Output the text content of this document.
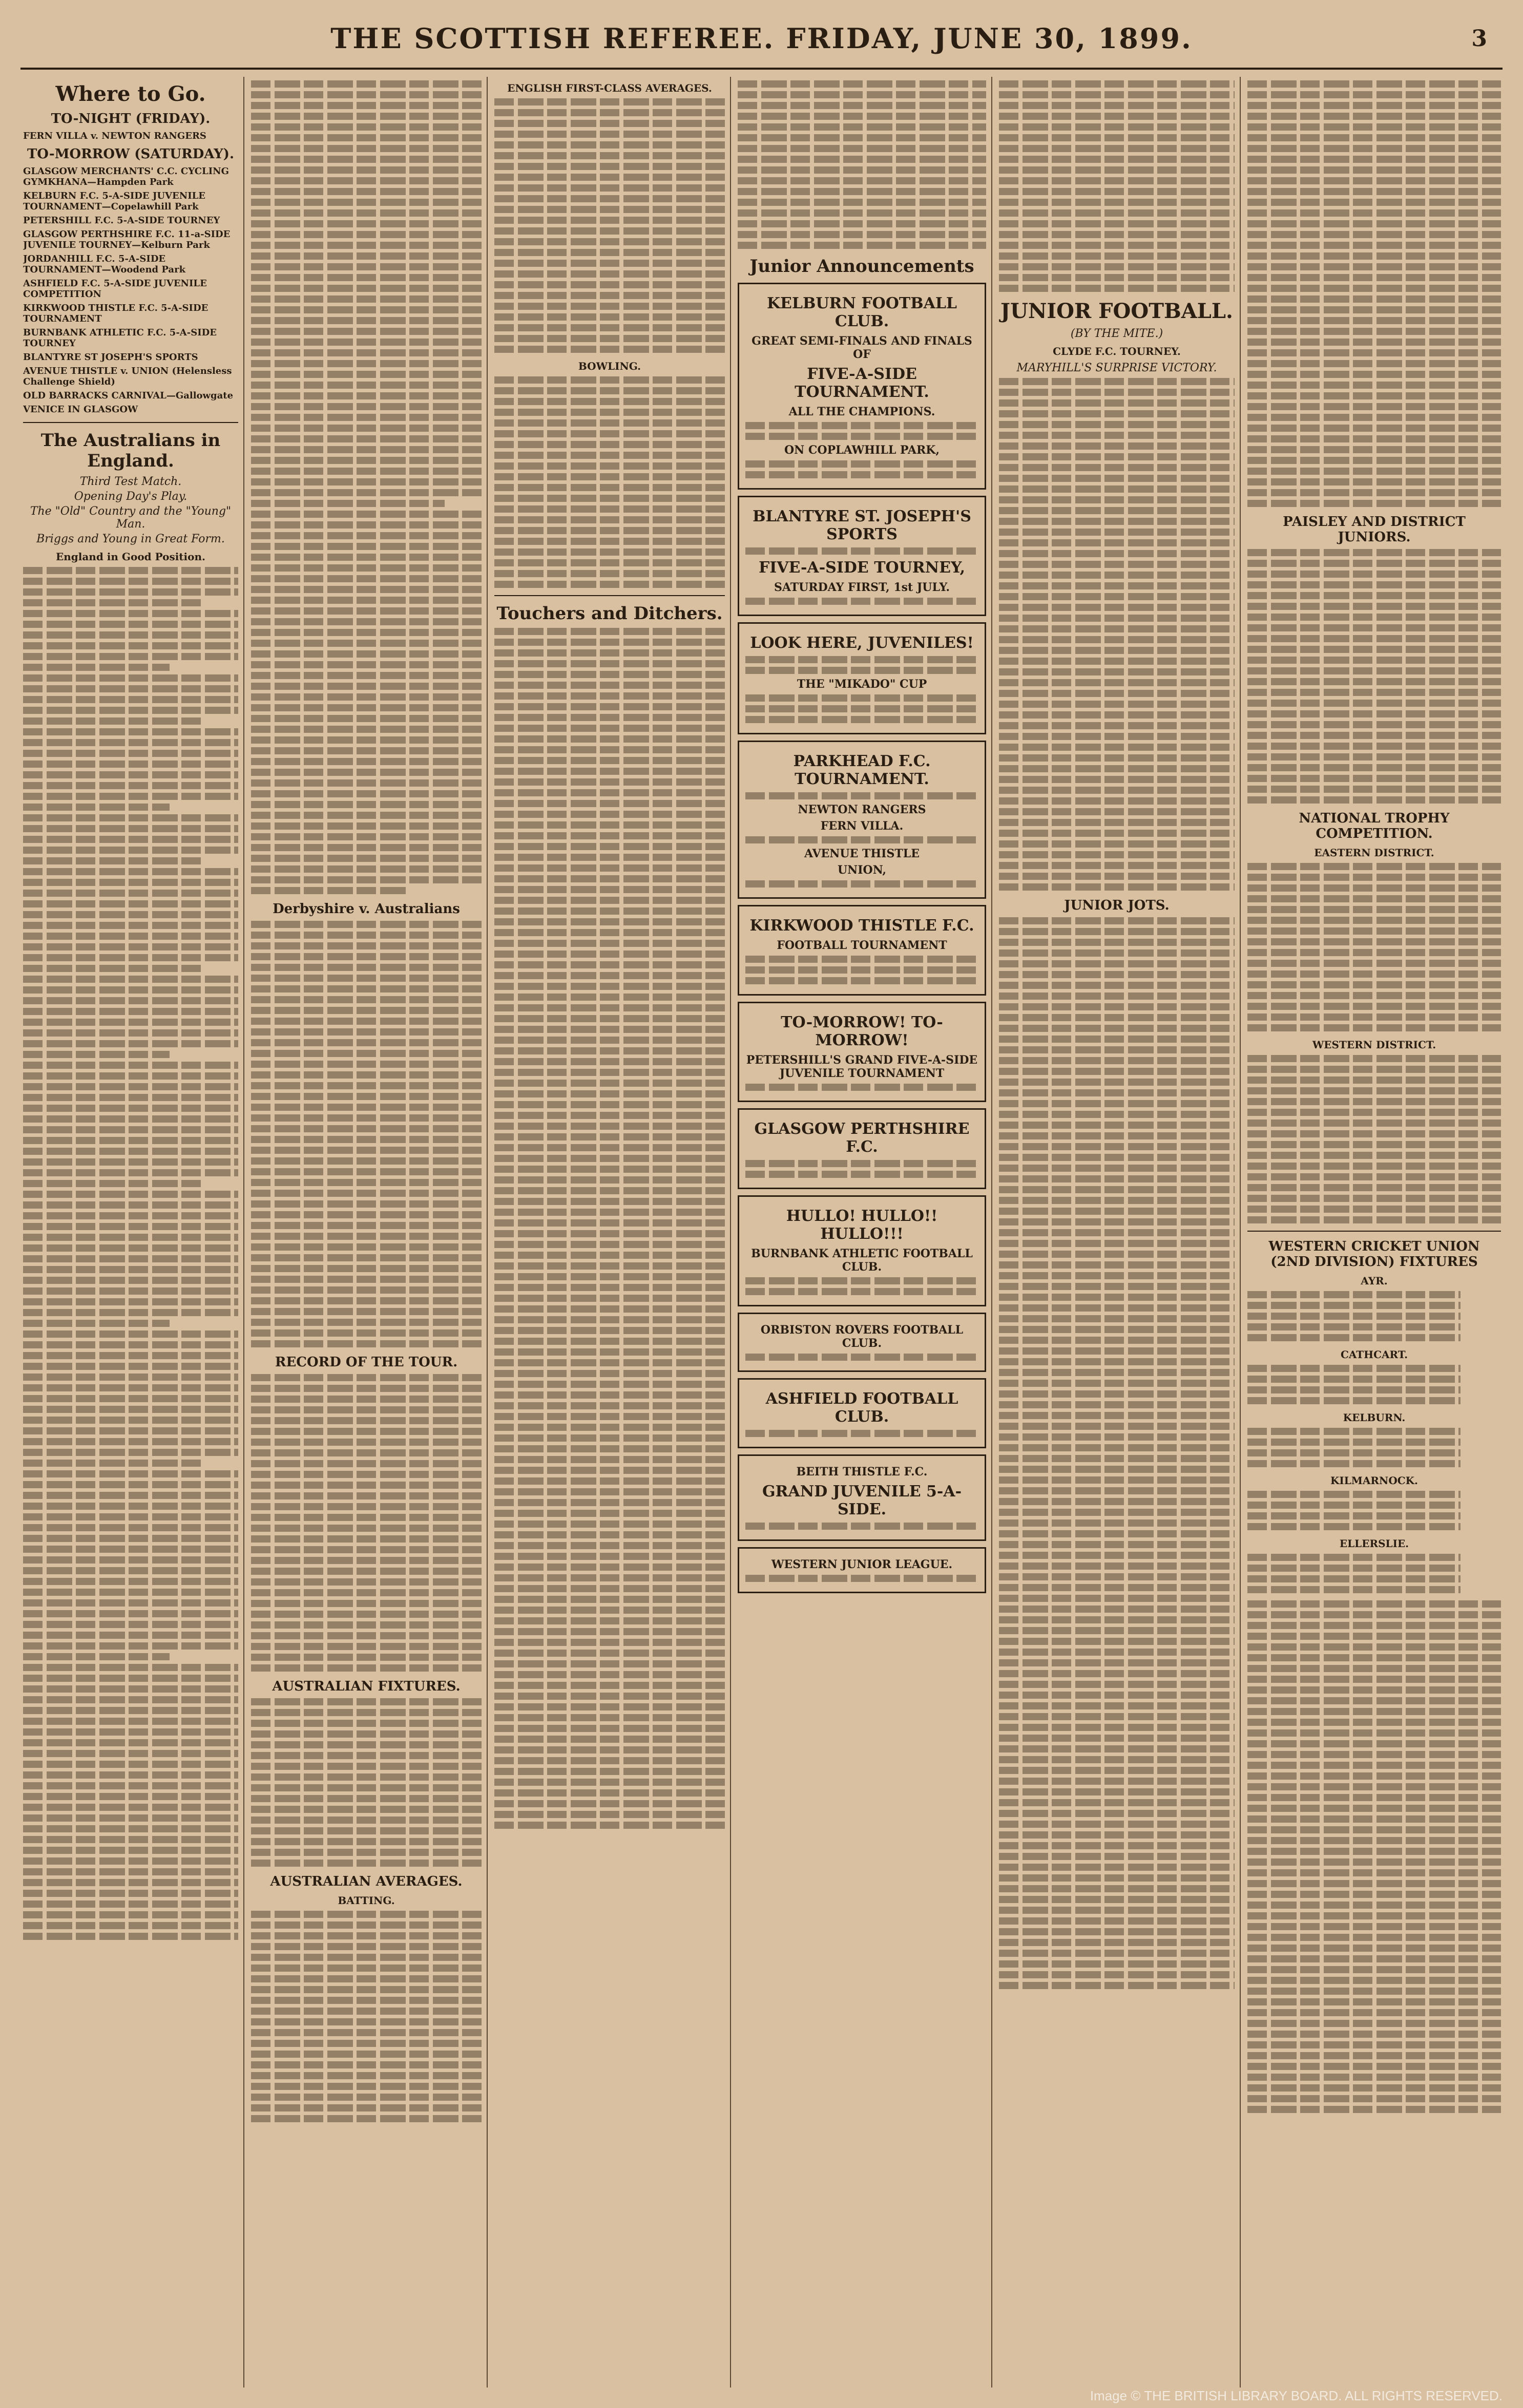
THE SCOTTISH REFEREE. FRIDAY, JUNE 30, 1899.	3
Where to Go.
TO-NIGHT (FRIDAY).
FERN VILLA v. NEWTON RANGERS
TO-MORROW (SATURDAY).
GLASGOW MERCHANTS' C.C. CYCLING GYMKHANA—Hampden Park
KELBURN F.C. 5-A-SIDE JUVENILE TOURNAMENT—Copelawhill Park
PETERSHILL F.C. 5-A-SIDE TOURNEY
GLASGOW PERTHSHIRE F.C. 11-a-SIDE JUVENILE TOURNEY—Kelburn Park
JORDANHILL F.C. 5-A-SIDE TOURNAMENT—Woodend Park
ASHFIELD F.C. 5-A-SIDE JUVENILE COMPETITION
KIRKWOOD THISTLE F.C. 5-A-SIDE TOURNAMENT
BURNBANK ATHLETIC F.C. 5-A-SIDE TOURNEY
BLANTYRE ST JOSEPH'S SPORTS
AVENUE THISTLE v. UNION (Helensless Challenge Shield)
OLD BARRACKS CARNIVAL—Gallowgate
VENICE IN GLASGOW
The Australians in England.
Third Test Match.
Opening Day's Play.
The "Old" Country and the "Young" Man.
Briggs and Young in Great Form.
England in Good Position.
Derbyshire v. Australians
RECORD OF THE TOUR.
AUSTRALIAN FIXTURES.
AUSTRALIAN AVERAGES.
BATTING.
ENGLISH FIRST-CLASS AVERAGES.
BOWLING.
Touchers and Ditchers.
Junior Announcements
KELBURN FOOTBALL CLUB.
GREAT SEMI-FINALS AND FINALS OF
FIVE-A-SIDE TOURNAMENT.
ALL THE CHAMPIONS.
ON COPLAWHILL PARK,
BLANTYRE ST. JOSEPH'S SPORTS
FIVE-A-SIDE TOURNEY,
SATURDAY FIRST, 1st JULY.
LOOK HERE, JUVENILES!
THE "MIKADO" CUP
PARKHEAD F.C. TOURNAMENT.
NEWTON RANGERS
FERN VILLA.
AVENUE THISTLE
UNION,
KIRKWOOD THISTLE F.C.
FOOTBALL TOURNAMENT
TO-MORROW! TO-MORROW!
PETERSHILL'S GRAND FIVE-A-SIDE JUVENILE TOURNAMENT
GLASGOW PERTHSHIRE F.C.
HULLO! HULLO!! HULLO!!!
BURNBANK ATHLETIC FOOTBALL CLUB.
ORBISTON ROVERS FOOTBALL CLUB.
ASHFIELD FOOTBALL CLUB.
BEITH THISTLE F.C.
GRAND JUVENILE 5-A-SIDE.
WESTERN JUNIOR LEAGUE.
JUNIOR FOOTBALL.
(BY THE MITE.)
CLYDE F.C. TOURNEY.
MARYHILL'S SURPRISE VICTORY.
JUNIOR JOTS.
PAISLEY AND DISTRICT JUNIORS.
NATIONAL TROPHY COMPETITION.
EASTERN DISTRICT.
WESTERN DISTRICT.
WESTERN CRICKET UNION (2ND DIVISION) FIXTURES
AYR.
CATHCART.
KELBURN.
KILMARNOCK.
ELLERSLIE.
Image © THE BRITISH LIBRARY BOARD. ALL RIGHTS RESERVED.
